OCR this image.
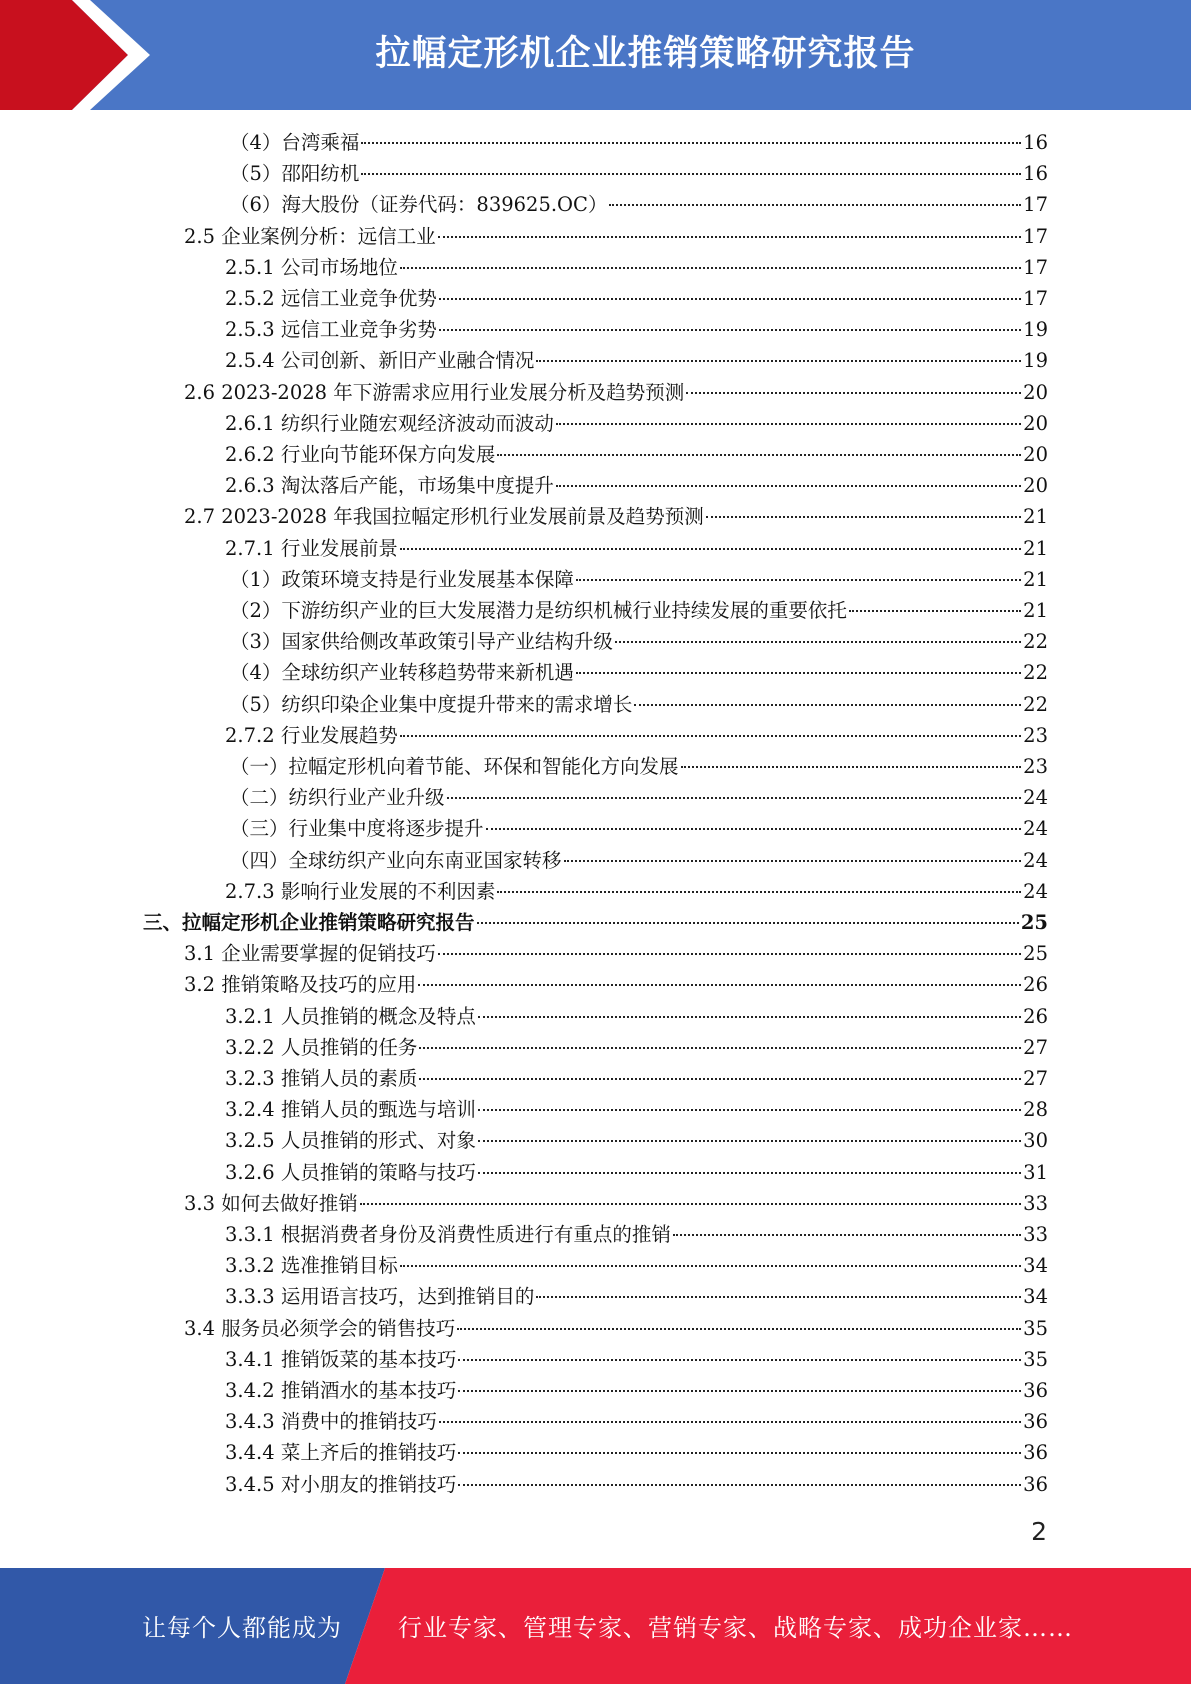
拉幅定形机企业推销策略研究报告
（4）台湾乘福	16
（5）邵阳纺机	16
（6）海大股份（证券代码：839625.OC）	17
2.5 企业案例分析：远信工业	17
2.5.1 公司市场地位	17
2.5.2 远信工业竞争优势	17
2.5.3 远信工业竞争劣势	19
2.5.4 公司创新、新旧产业融合情况	19
2.6 2023-2028 年下游需求应用行业发展分析及趋势预测	20
2.6.1 纺织行业随宏观经济波动而波动	20
2.6.2 行业向节能环保方向发展	20
2.6.3 淘汰落后产能，市场集中度提升	20
2.7 2023-2028 年我国拉幅定形机行业发展前景及趋势预测	21
2.7.1 行业发展前景	21
（1）政策环境支持是行业发展基本保障	21
（2）下游纺织产业的巨大发展潜力是纺织机械行业持续发展的重要依托	21
（3）国家供给侧改革政策引导产业结构升级	22
（4）全球纺织产业转移趋势带来新机遇	22
（5）纺织印染企业集中度提升带来的需求增长	22
2.7.2 行业发展趋势	23
（一）拉幅定形机向着节能、环保和智能化方向发展	23
（二）纺织行业产业升级	24
（三）行业集中度将逐步提升	24
（四）全球纺织产业向东南亚国家转移	24
2.7.3 影响行业发展的不利因素	24
三、拉幅定形机企业推销策略研究报告	25
3.1 企业需要掌握的促销技巧	25
3.2 推销策略及技巧的应用	26
3.2.1 人员推销的概念及特点	26
3.2.2 人员推销的任务	27
3.2.3 推销人员的素质	27
3.2.4 推销人员的甄选与培训	28
3.2.5 人员推销的形式、对象	30
3.2.6 人员推销的策略与技巧	31
3.3 如何去做好推销	33
3.3.1 根据消费者身份及消费性质进行有重点的推销	33
3.3.2 选准推销目标	34
3.3.3 运用语言技巧，达到推销目的	34
3.4 服务员必须学会的销售技巧	35
3.4.1 推销饭菜的基本技巧	35
3.4.2 推销酒水的基本技巧	36
3.4.3 消费中的推销技巧	36
3.4.4 菜上齐后的推销技巧	36
3.4.5 对小朋友的推销技巧	36
2
让每个人都能成为 行业专家、管理专家、营销专家、战略专家、成功企业家……
